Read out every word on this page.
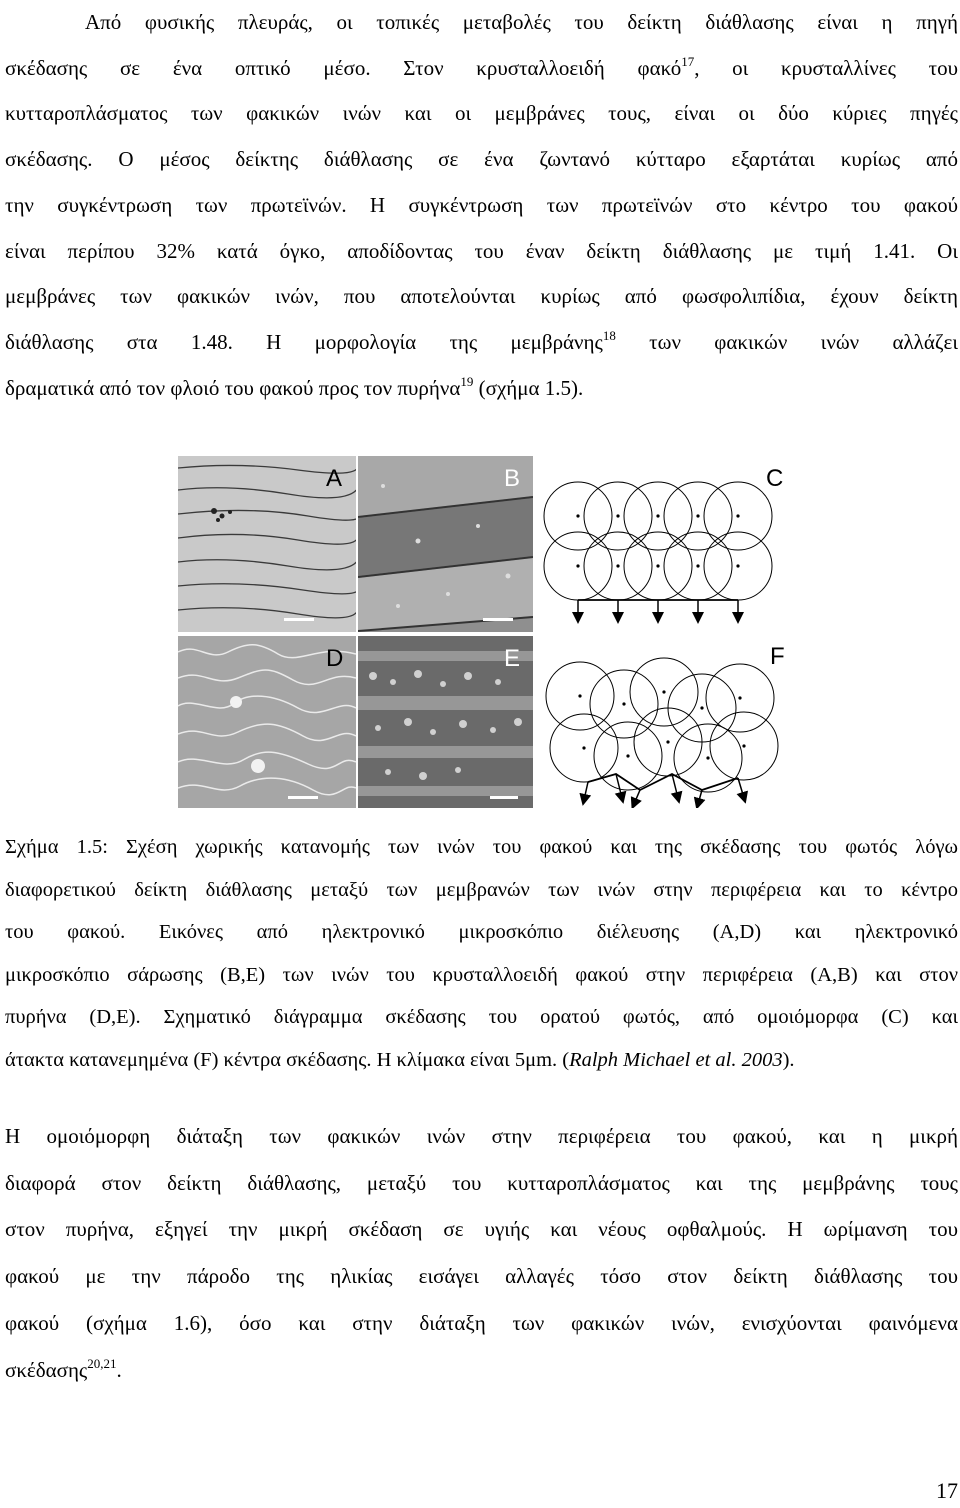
Από φυσικής πλευράς, οι τοπικές μεταβολές του δείκτη διάθλασης είναι η πηγή
σκέδασης σε ένα οπτικό μέσο. Στον κρυσταλλοειδή φακό$^{17}$, οι κρυσταλλίνες του
κυτταροπλάσματος των φακικών ινών και οι μεμβράνες τους, είναι οι δύο κύριες πηγές
σκέδασης. Ο μέσος δείκτης διάθλασης σε ένα ζωντανό κύτταρο εξαρτάται κυρίως από
την συγκέντρωση των πρωτεϊνών. Η συγκέντρωση των πρωτεϊνών στο κέντρο του φακού
είναι περίπου 32% κατά όγκο, αποδίδοντας του έναν δείκτη διάθλασης με τιμή 1.41. Οι
μεμβράνες των φακικών ινών, που αποτελούνται κυρίως από φωσφολιπίδια, έχουν δείκτη
διάθλασης στα 1.48. Η μορφολογία της μεμβράνης$^{18}$ των φακικών ινών αλλάζει
δραματικά από τον φλοιό του φακού προς τον πυρήνα$^{19}$ (σχήμα 1.5).
A	B
D	E
C
F
Σχήμα 1.5: Σχέση χωρικής κατανομής των ινών του φακού και της σκέδασης του φωτός λόγω
διαφορετικού δείκτη διάθλασης μεταξύ των μεμβρανών των ινών στην περιφέρεια και το κέντρο
του φακού. Εικόνες από ηλεκτρονικό μικροσκόπιο διέλευσης (A,D) και ηλεκτρονικό
μικροσκόπιο σάρωσης (B,E) των ινών του κρυσταλλοειδή φακού στην περιφέρεια (A,B) και στον
πυρήνα (D,E). Σχηματικό διάγραμμα σκέδασης του ορατού φωτός, από ομοιόμορφα (C) και
άτακτα κατανεμημένα (F) κέντρα σκέδασης. Η κλίμακα είναι 5μm. (Ralph Michael et al. 2003).
Η ομοιόμορφη διάταξη των φακικών ινών στην περιφέρεια του φακού, και η μικρή
διαφορά στον δείκτη διάθλασης, μεταξύ του κυτταροπλάσματος και της μεμβράνης τους
στον πυρήνα, εξηγεί την μικρή σκέδαση σε υγιής και νέους οφθαλμούς. Η ωρίμανση του
φακού με την πάροδο της ηλικίας εισάγει αλλαγές τόσο στον δείκτη διάθλασης του
φακού (σχήμα 1.6), όσο και στην διάταξη των φακικών ινών, ενισχύονται φαινόμενα
σκέδασης$^{20,21}$.
17
